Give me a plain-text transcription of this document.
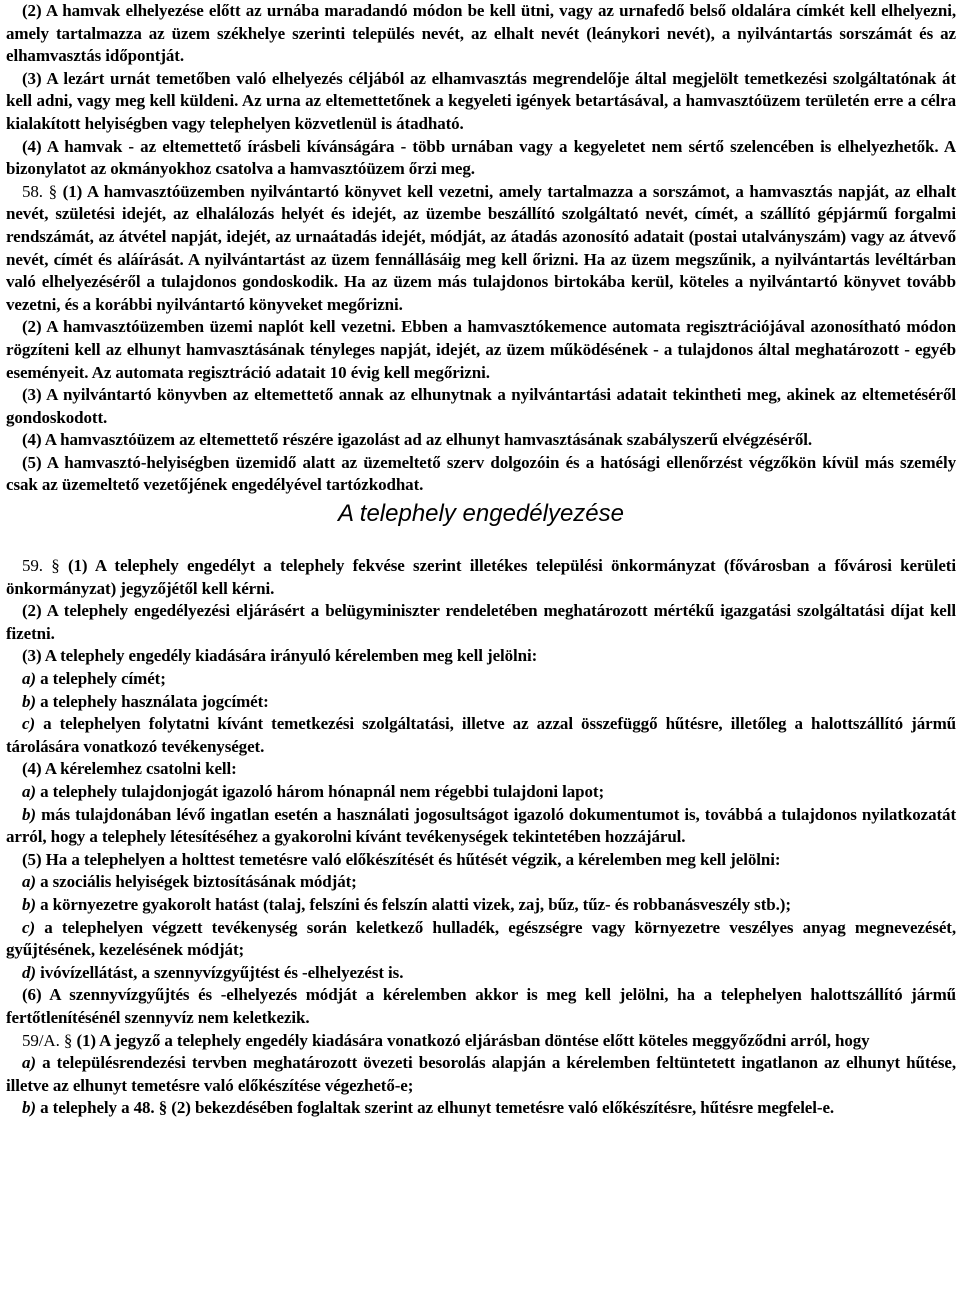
(2) A hamvak elhelyezése előtt az urnába maradandó módon be kell ütni, vagy az urnafedő belső oldalára címkét kell elhelyezni, amely tartalmazza az üzem székhelye szerinti település nevét, az elhalt nevét (leánykori nevét), a nyilvántartás sorszámát és az elhamvasztás időpontját.

(3) A lezárt urnát temetőben való elhelyezés céljából az elhamvasztás megrendelője által megjelölt temetkezési szolgáltatónak át kell adni, vagy meg kell küldeni. Az urna az eltemettetőnek a kegyeleti igények betartásával, a hamvasztóüzem területén erre a célra kialakított helyiségben vagy telephelyen közvetlenül is átadható.

(4) A hamvak - az eltemettető írásbeli kívánságára - több urnában vagy a kegyeletet nem sértő szelencében is elhelyezhetők. A bizonylatot az okmányokhoz csatolva a hamvasztóüzem őrzi meg.

58. § (1) A hamvasztóüzemben nyilvántartó könyvet kell vezetni, amely tartalmazza a sorszámot, a hamvasztás napját, az elhalt nevét, születési idejét, az elhalálozás helyét és idejét, az üzembe beszállító szolgáltató nevét, címét, a szállító gépjármű forgalmi rendszámát, az átvétel napját, idejét, az urnaátadás idejét, módját, az átadás azonosító adatait (postai utalványszám) vagy az átvevő nevét, címét és aláírását. A nyilvántartást az üzem fennállásáig meg kell őrizni. Ha az üzem megszűnik, a nyilvántartás levéltárban való elhelyezéséről a tulajdonos gondoskodik. Ha az üzem más tulajdonos birtokába kerül, köteles a nyilvántartó könyvet tovább vezetni, és a korábbi nyilvántartó könyveket megőrizni.

(2) A hamvasztóüzemben üzemi naplót kell vezetni. Ebben a hamvasztókemence automata regisztrációjával azonosítható módon rögzíteni kell az elhunyt hamvasztásának tényleges napját, idejét, az üzem működésének - a tulajdonos által meghatározott - egyéb eseményeit. Az automata regisztráció adatait 10 évig kell megőrizni.

(3) A nyilvántartó könyvben az eltemettető annak az elhunytnak a nyilvántartási adatait tekintheti meg, akinek az eltemetéséről gondoskodott.

(4) A hamvasztóüzem az eltemettető részére igazolást ad az elhunyt hamvasztásának szabályszerű elvégzéséről.

(5) A hamvasztó-helyiségben üzemidő alatt az üzemeltető szerv dolgozóin és a hatósági ellenőrzést végzőkön kívül más személy csak az üzemeltető vezetőjének engedélyével tartózkodhat.

A telephely engedélyezése

59. § (1) A telephely engedélyt a telephely fekvése szerint illetékes települési önkormányzat (fővárosban a fővárosi kerületi önkormányzat) jegyzőjétől kell kérni.

(2) A telephely engedélyezési eljárásért a belügyminiszter rendeletében meghatározott mértékű igazgatási szolgáltatási díjat kell fizetni.

(3) A telephely engedély kiadására irányuló kérelemben meg kell jelölni:

a) a telephely címét;

b) a telephely használata jogcímét:

c) a telephelyen folytatni kívánt temetkezési szolgáltatási, illetve az azzal összefüggő hűtésre, illetőleg a halottszállító jármű tárolására vonatkozó tevékenységet.

(4) A kérelemhez csatolni kell:

a) a telephely tulajdonjogát igazoló három hónapnál nem régebbi tulajdoni lapot;

b) más tulajdonában lévő ingatlan esetén a használati jogosultságot igazoló dokumentumot is, továbbá a tulajdonos nyilatkozatát arról, hogy a telephely létesítéséhez a gyakorolni kívánt tevékenységek tekintetében hozzájárul.

(5) Ha a telephelyen a holttest temetésre való előkészítését és hűtését végzik, a kérelemben meg kell jelölni:

a) a szociális helyiségek biztosításának módját;

b) a környezetre gyakorolt hatást (talaj, felszíni és felszín alatti vizek, zaj, bűz, tűz- és robbanásveszély stb.);

c) a telephelyen végzett tevékenység során keletkező hulladék, egészségre vagy környezetre veszélyes anyag megnevezését, gyűjtésének, kezelésének módját;

d) ivóvízellátást, a szennyvízgyűjtést és -elhelyezést is.

(6) A szennyvízgyűjtés és -elhelyezés módját a kérelemben akkor is meg kell jelölni, ha a telephelyen halottszállító jármű fertőtlenítésénél szennyvíz nem keletkezik.

59/A. § (1) A jegyző a telephely engedély kiadására vonatkozó eljárásban döntése előtt köteles meggyőződni arról, hogy

a) a településrendezési tervben meghatározott övezeti besorolás alapján a kérelemben feltüntetett ingatlanon az elhunyt hűtése, illetve az elhunyt temetésre való előkészítése végezhető-e;

b) a telephely a 48. § (2) bekezdésében foglaltak szerint az elhunyt temetésre való előkészítésre, hűtésre megfelel-e.
